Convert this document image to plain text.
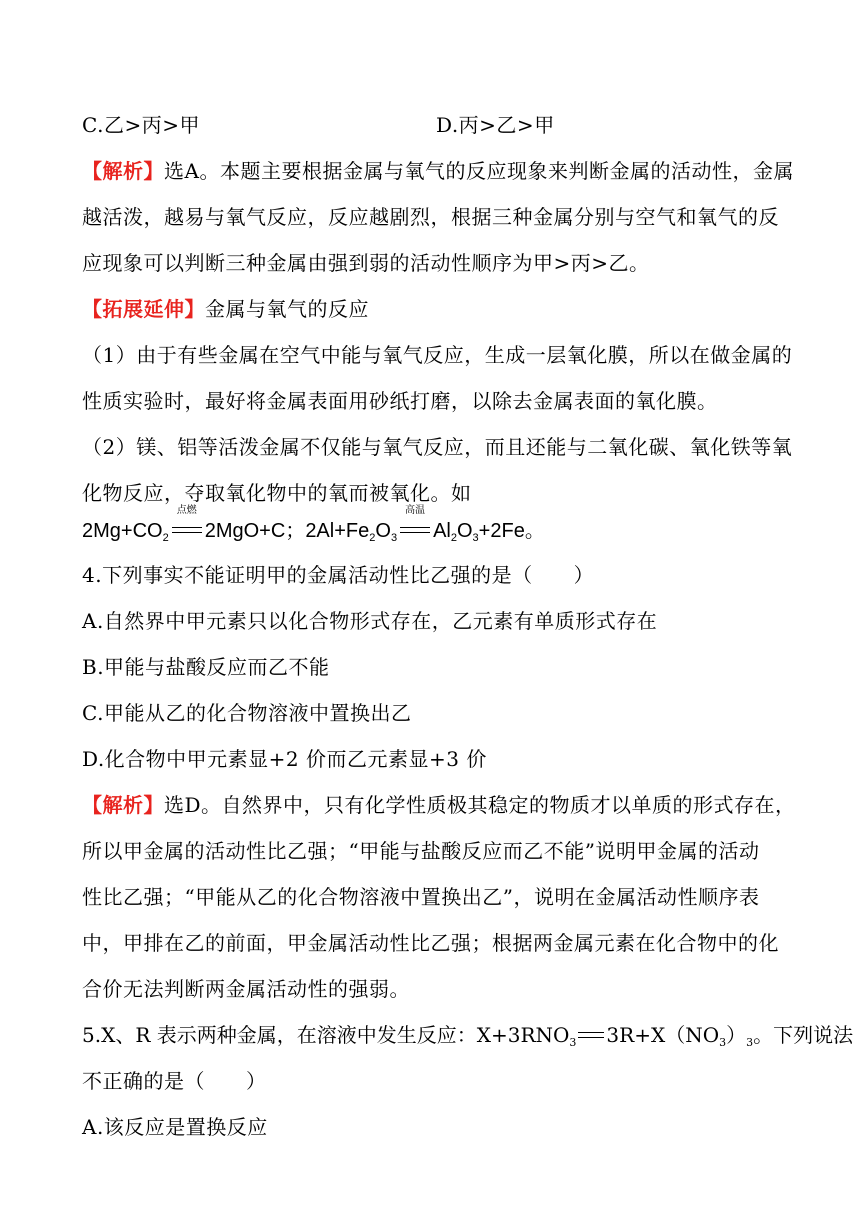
C.乙>丙>甲	D.丙>乙>甲
【解析】选A。本题主要根据金属与氧气的反应现象来判断金属的活动性，金属
越活泼，越易与氧气反应，反应越剧烈，根据三种金属分别与空气和氧气的反
应现象可以判断三种金属由强到弱的活动性顺序为甲>丙>乙。
【拓展延伸】金属与氧气的反应
（1）由于有些金属在空气中能与氧气反应，生成一层氧化膜，所以在做金属的
性质实验时，最好将金属表面用砂纸打磨，以除去金属表面的氧化膜。
（2）镁、铝等活泼金属不仅能与氧气反应，而且还能与二氧化碳、氧化铁等氧
化物反应，夺取氧化物中的氧而被氧化。如
$2Mg+CO_2$
点燃
2MgO+C；$2Al+Fe_2O_3$
高温
$Al_2O_3+2Fe$。
4.下列事实不能证明甲的金属活动性比乙强的是（　　）
A.自然界中甲元素只以化合物形式存在，乙元素有单质形式存在
B.甲能与盐酸反应而乙不能
C.甲能从乙的化合物溶液中置换出乙
D.化合物中甲元素显+2 价而乙元素显+3 价
【解析】选D。自然界中，只有化学性质极其稳定的物质才以单质的形式存在，
所以甲金属的活动性比乙强；“甲能与盐酸反应而乙不能”说明甲金属的活动
性比乙强；“甲能从乙的化合物溶液中置换出乙”，说明在金属活动性顺序表
中，甲排在乙的前面，甲金属活动性比乙强；根据两金属元素在化合物中的化
合价无法判断两金属活动性的强弱。
5.X、R 表示两种金属，在溶液中发生反应：$X+3RNO_3$ $3R+X(NO_3)_3$。下列说法
不正确的是（　　）
A.该反应是置换反应
